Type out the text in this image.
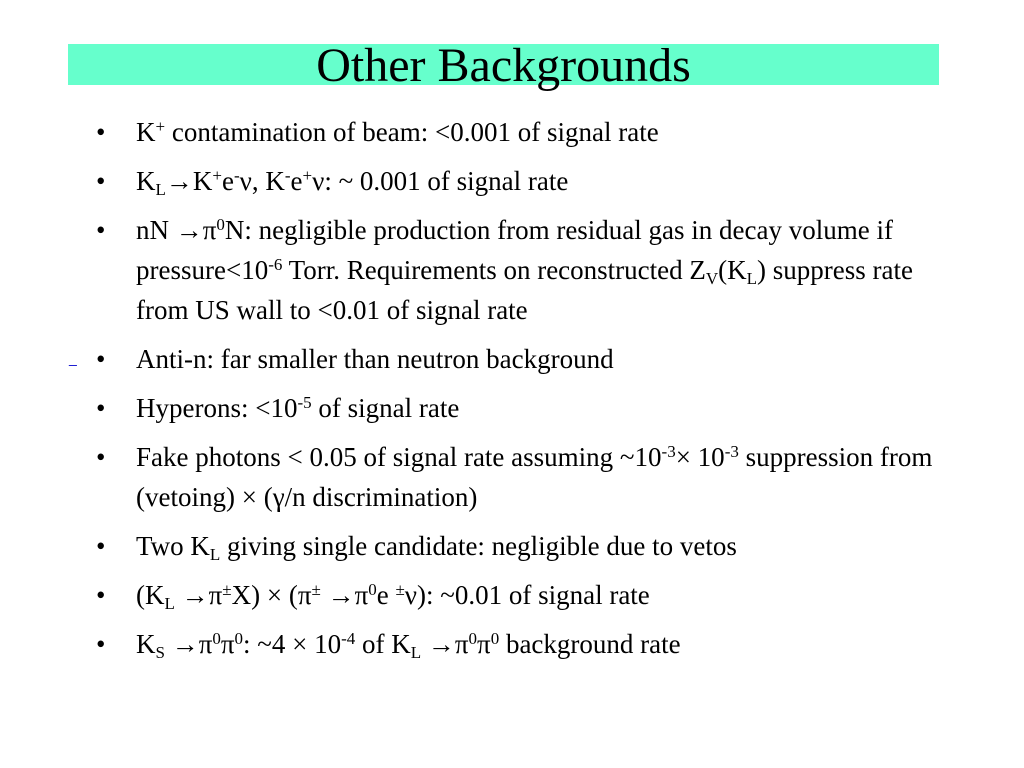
Other Backgrounds
_
•	K+ contamination of beam: <0.001 of signal rate
•	$K_L\to K^+e^-\nu$, K-e+ν: ~ 0.001 of signal rate
•	nN $\to\pi^0N$: negligible production from residual gas in decay volume if $pressure<10^{-6}$ Torr. Requirements on reconstructed $Z_V(K_L)$ suppress rate from US wall to <0.01 of signal rate
•	Anti-n: far smaller than neutron background
•	Hyperons: $<10^{-5}$ of signal rate
•	Fake photons < 0.05 of signal rate assuming $\sim 10^{-3}\times 10^{-3}$ suppression from (vetoing) × (γ/n discrimination)
•	Two $K_L$ giving single candidate: negligible due to vetos
•	$(K_L \to\pi^\pm X) \times (\pi^\pm \to\pi^0e$ ±ν): ~0.01 of signal rate
•	$K_S \to\pi^0\pi^0$: ~4 × $10^{-4}$ of $K_L \to\pi^0\pi^0$ background rate
